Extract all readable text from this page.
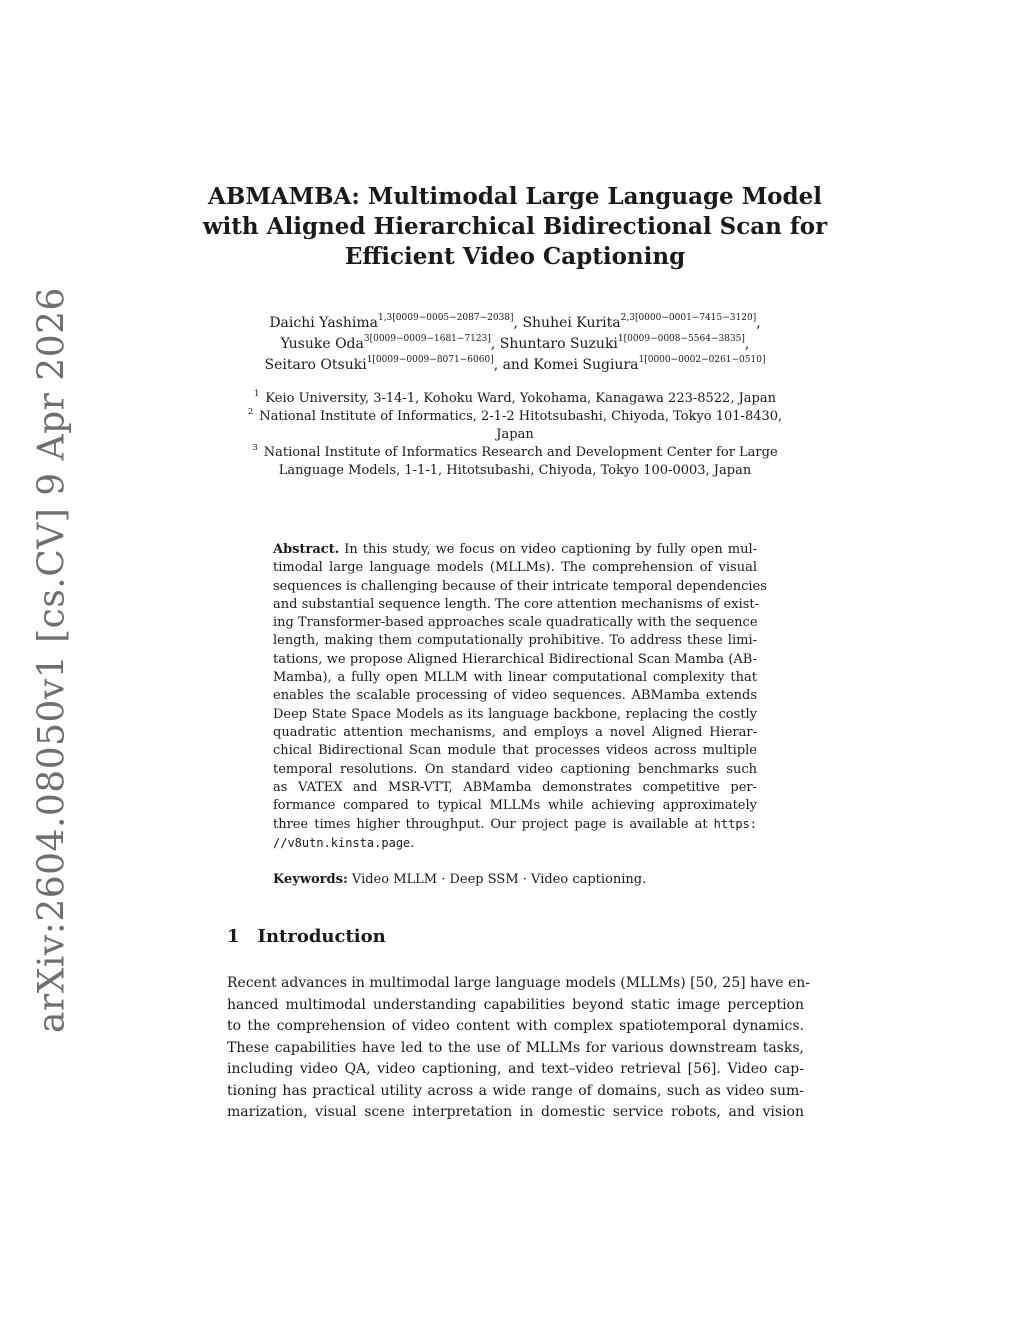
arXiv:2604.08050v1 [cs.CV] 9 Apr 2026
ABMAMBA: Multimodal Large Language Model
with Aligned Hierarchical Bidirectional Scan for
Efficient Video Captioning
Daichi Yashima$^{1,3[0009-0005-2087-2038]}$, Shuhei Kurita$^{2,3[0000-0001-7415-3120]}$,
Yusuke Oda$^{3[0009-0009-1681-7123]}$, Shuntaro Suzuki$^{1[0009-0008-5564-3835]}$,
Seitaro Otsuki$^{1[0009-0009-8071-6060]}$, and Komei Sugiura$^{1[0000-0002-0261-0510]}$
$^1$ Keio University, 3-14-1, Kohoku Ward, Yokohama, Kanagawa 223-8522, Japan
$^2$ National Institute of Informatics, 2-1-2 Hitotsubashi, Chiyoda, Tokyo 101-8430,
Japan
$^3$ National Institute of Informatics Research and Development Center for Large
Language Models, 1-1-1, Hitotsubashi, Chiyoda, Tokyo 100-0003, Japan
Abstract. In this study, we focus on video captioning by fully open mul-
timodal large language models (MLLMs). The comprehension of visual
sequences is challenging because of their intricate temporal dependencies
and substantial sequence length. The core attention mechanisms of exist-
ing Transformer-based approaches scale quadratically with the sequence
length, making them computationally prohibitive. To address these limi-
tations, we propose Aligned Hierarchical Bidirectional Scan Mamba (AB-
Mamba), a fully open MLLM with linear computational complexity that
enables the scalable processing of video sequences. ABMamba extends
Deep State Space Models as its language backbone, replacing the costly
quadratic attention mechanisms, and employs a novel Aligned Hierar-
chical Bidirectional Scan module that processes videos across multiple
temporal resolutions. On standard video captioning benchmarks such
as VATEX and MSR-VTT, ABMamba demonstrates competitive per-
formance compared to typical MLLMs while achieving approximately
three times higher throughput. Our project page is available at https:
//v8utn.kinsta.page.
Keywords: Video MLLM · Deep SSM · Video captioning.
1 Introduction
Recent advances in multimodal large language models (MLLMs) [50, 25] have en-
hanced multimodal understanding capabilities beyond static image perception
to the comprehension of video content with complex spatiotemporal dynamics.
These capabilities have led to the use of MLLMs for various downstream tasks,
including video QA, video captioning, and text–video retrieval [56]. Video cap-
tioning has practical utility across a wide range of domains, such as video sum-
marization, visual scene interpretation in domestic service robots, and vision
